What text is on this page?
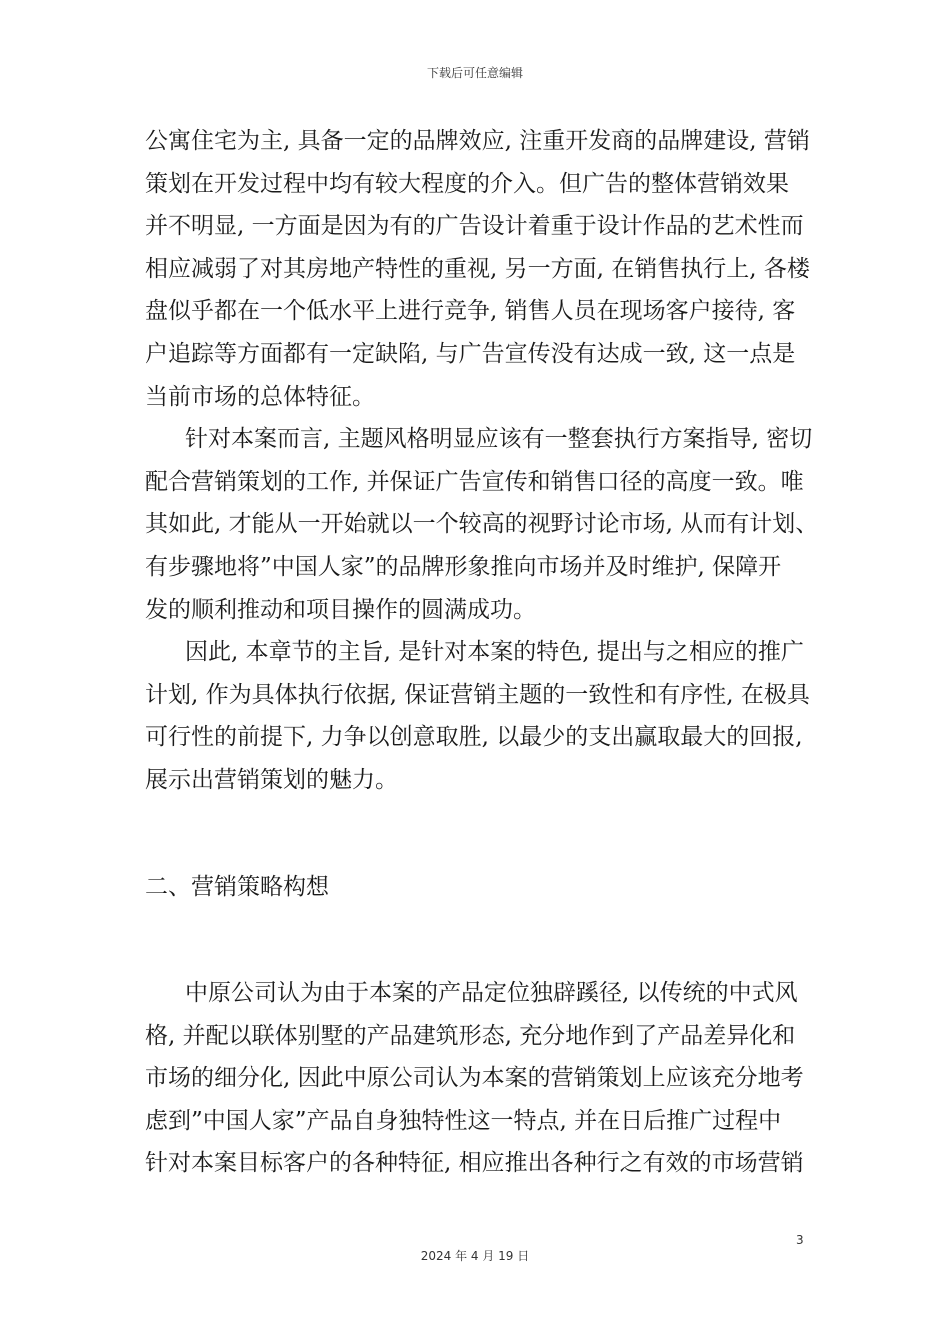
下载后可任意编辑
公寓住宅为主, 具备一定的品牌效应, 注重开发商的品牌建设, 营销
策划在开发过程中均有较大程度的介入。但广告的整体营销效果
并不明显, 一方面是因为有的广告设计着重于设计作品的艺术性而
相应减弱了对其房地产特性的重视, 另一方面, 在销售执行上, 各楼
盘似乎都在一个低水平上进行竞争, 销售人员在现场客户接待, 客
户追踪等方面都有一定缺陷, 与广告宣传没有达成一致, 这一点是
当前市场的总体特征。
针对本案而言, 主题风格明显应该有一整套执行方案指导, 密切
配合营销策划的工作, 并保证广告宣传和销售口径的高度一致。唯
其如此, 才能从一开始就以一个较高的视野讨论市场, 从而有计划、
有步骤地将”中国人家”的品牌形象推向市场并及时维护, 保障开
发的顺利推动和项目操作的圆满成功。
因此, 本章节的主旨, 是针对本案的特色, 提出与之相应的推广
计划, 作为具体执行依据, 保证营销主题的一致性和有序性, 在极具
可行性的前提下, 力争以创意取胜, 以最少的支出赢取最大的回报,
展示出营销策划的魅力。
二、营销策略构想
中原公司认为由于本案的产品定位独辟蹊径, 以传统的中式风
格, 并配以联体别墅的产品建筑形态, 充分地作到了产品差异化和
市场的细分化, 因此中原公司认为本案的营销策划上应该充分地考
虑到”中国人家”产品自身独特性这一特点, 并在日后推广过程中
针对本案目标客户的各种特征, 相应推出各种行之有效的市场营销
3
2024 年 4 月 19 日
